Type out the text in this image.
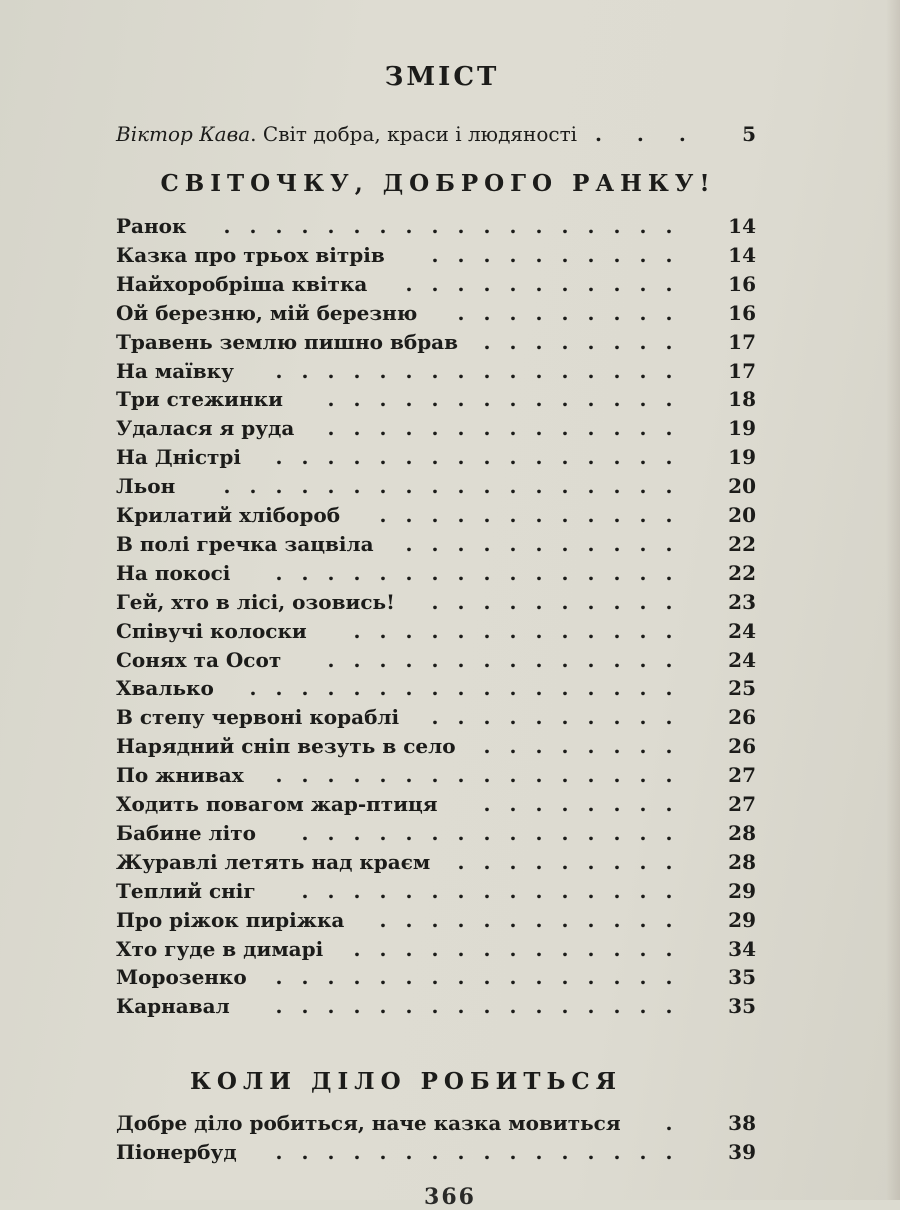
ЗМІСТ
Віктор Кава. Світ добра, краси і людяності . . . 5
СВІТОЧКУ, ДОБРОГО РАНКУ!
. . . . . . . . . . . . . . . . . .
Ранок	14
. . . . . . . . . .
Казка про трьох вітрів	14
. . . . . . . . . . .
Найхоробріша квітка	16
. . . . . . . . .
Ой березню, мій березню	16
. . . . . . . .
Травень землю пишно вбрав	17
. . . . . . . . . . . . . . . .
На маївку	17
. . . . . . . . . . . . . .
Три стежинки	18
. . . . . . . . . . . . . .
Удалася я руда	19
. . . . . . . . . . . . . . . .
На Дністрі	19
. . . . . . . . . . . . . . . . . .
Льон	20
. . . . . . . . . . . .
Крилатий хлібороб	20
. . . . . . . . . . .
В полі гречка зацвіла	22
. . . . . . . . . . . . . . . .
На покосі	22
. . . . . . . . . .
Гей, хто в лісі, озовись!	23
. . . . . . . . . . . . .
Співучі колоски	24
. . . . . . . . . . . . . .
Соняx та Осот	24
. . . . . . . . . . . . . . . . .
Хвалько	25
. . . . . . . . . .
В степу червоні кораблі	26
. . . . . . . .
Нарядний сніп везуть в село	26
. . . . . . . . . . . . . . . .
По жнивах	27
. . . . . . . .
Ходить повагом жар-птиця	27
. . . . . . . . . . . . . . .
Бабине літо	28
. . . . . . . . .
Журавлі летять над краєм	28
. . . . . . . . . . . . . . .
Теплий сніг	29
. . . . . . . . . . . .
Про ріжок пиріжка	29
. . . . . . . . . . . . .
Хто гуде в димарі	34
. . . . . . . . . . . . . . . .
Морозенко	35
. . . . . . . . . . . . . . . .
Карнавал	35
КОЛИ ДІЛО РОБИТЬСЯ
.
Добре діло робиться, наче казка мовиться	38
. . . . . . . . . . . . . . . .
Піонербуд	39
366
